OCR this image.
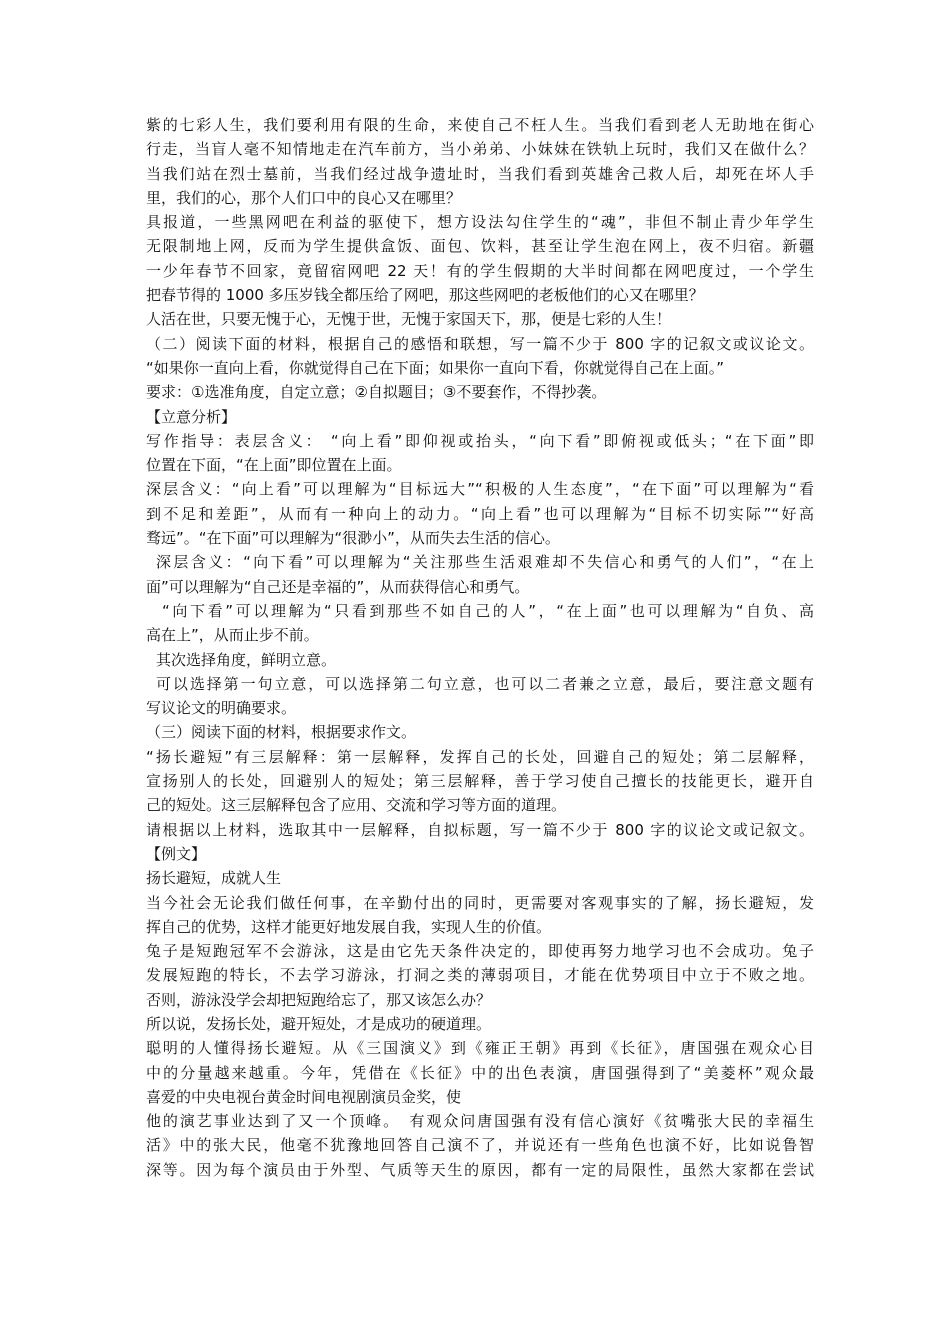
紫的七彩人生，我们要利用有限的生命，来使自己不枉人生。当我们看到老人无助地在街心
行走，当盲人毫不知情地走在汽车前方，当小弟弟、小妹妹在铁轨上玩时，我们又在做什么？
当我们站在烈士墓前，当我们经过战争遗址时，当我们看到英雄舍己救人后，却死在坏人手
里，我们的心，那个人们口中的良心又在哪里？
具报道，一些黑网吧在利益的驱使下，想方设法勾住学生的“魂”，非但不制止青少年学生
无限制地上网，反而为学生提供盒饭、面包、饮料，甚至让学生泡在网上，夜不归宿。新疆
一少年春节不回家，竟留宿网吧 22 天！有的学生假期的大半时间都在网吧度过，一个学生
把春节得的 1000 多压岁钱全都压给了网吧，那这些网吧的老板他们的心又在哪里？
人活在世，只要无愧于心，无愧于世，无愧于家国天下，那，便是七彩的人生！
（二）阅读下面的材料，根据自己的感悟和联想，写一篇不少于 800 字的记叙文或议论文。
“如果你一直向上看，你就觉得自己在下面；如果你一直向下看，你就觉得自己在上面。”
要求：①选准角度，自定立意；②自拟题目；③不要套作，不得抄袭。
【立意分析】
写作指导：表层含义： “向上看”即仰视或抬头，“向下看”即俯视或低头；“在下面”即
位置在下面，“在上面”即位置在上面。
深层含义：“向上看”可以理解为“目标远大”“积极的人生态度”，“在下面”可以理解为“看
到不足和差距”，从而有一种向上的动力。“向上看”也可以理解为“目标不切实际”“好高
骛远”。“在下面”可以理解为“很渺小”，从而失去生活的信心。
深层含义：“向下看”可以理解为“关注那些生活艰难却不失信心和勇气的人们”，“在上
面”可以理解为“自己还是幸福的”，从而获得信心和勇气。
“向下看”可以理解为“只看到那些不如自己的人”，“在上面”也可以理解为“自负、高
高在上”，从而止步不前。
其次选择角度，鲜明立意。
可以选择第一句立意，可以选择第二句立意，也可以二者兼之立意，最后，要注意文题有
写议论文的明确要求。
（三）阅读下面的材料，根据要求作文。
“扬长避短”有三层解释：第一层解释，发挥自己的长处，回避自己的短处；第二层解释，
宣扬别人的长处，回避别人的短处；第三层解释，善于学习使自己擅长的技能更长，避开自
己的短处。这三层解释包含了应用、交流和学习等方面的道理。
请根据以上材料，选取其中一层解释，自拟标题，写一篇不少于 800 字的议论文或记叙文。
【例文】
扬长避短，成就人生
当今社会无论我们做任何事，在辛勤付出的同时，更需要对客观事实的了解，扬长避短，发
挥自己的优势，这样才能更好地发展自我，实现人生的价值。
兔子是短跑冠军不会游泳，这是由它先天条件决定的，即使再努力地学习也不会成功。兔子
发展短跑的特长，不去学习游泳，打洞之类的薄弱项目，才能在优势项目中立于不败之地。
否则，游泳没学会却把短跑给忘了，那又该怎么办？
所以说，发扬长处，避开短处，才是成功的硬道理。
聪明的人懂得扬长避短。从《三国演义》到《雍正王朝》再到《长征》，唐国强在观众心目
中的分量越来越重。今年，凭借在《长征》中的出色表演，唐国强得到了“美菱杯”观众最
喜爱的中央电视台黄金时间电视剧演员金奖，使
他的演艺事业达到了又一个顶峰。　有观众问唐国强有没有信心演好《贫嘴张大民的幸福生
活》中的张大民，他毫不犹豫地回答自己演不了，并说还有一些角色也演不好，比如说鲁智
深等。因为每个演员由于外型、气质等天生的原因，都有一定的局限性，虽然大家都在尝试
